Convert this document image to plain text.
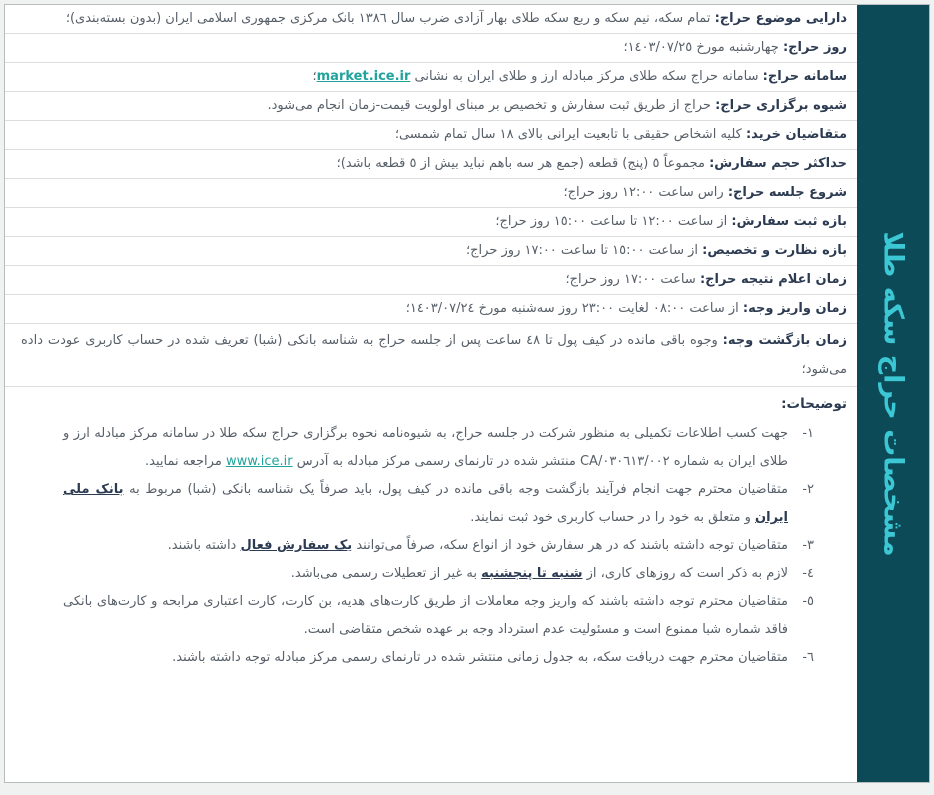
مشخصات حراج سکه طلا
دارایی موضوع حراج: تمام سکه، نیم سکه و ربع سکه طلای بهار آزادی ضرب سال ١٣٨٦ بانک مرکزی جمهوری اسلامی ایران (بدون بسته‌بندی)؛
روز حراج: چهارشنبه مورخ ١٤٠٣/٠٧/٢٥؛
سامانه حراج: سامانه حراج سکه طلای مرکز مبادله ارز و طلای ایران به نشانی market.ice.ir؛
شیوه برگزاری حراج: حراج از طریق ثبت سفارش و تخصیص بر مبنای اولویت قیمت-زمان انجام می‌شود.
متقاضیان خرید: کلیه اشخاص حقیقی با تابعیت ایرانی بالای ١٨ سال تمام شمسی؛
حداکثر حجم سفارش: مجموعاً ٥ (پنج) قطعه (جمع هر سه باهم نباید بیش از ٥ قطعه باشد)؛
شروع جلسه حراج: راس ساعت ١٢:٠٠ روز حراج؛
بازه ثبت سفارش: از ساعت ١٢:٠٠ تا ساعت ١٥:٠٠ روز حراج؛
بازه نظارت و تخصیص: از ساعت ١٥:٠٠ تا ساعت ١٧:٠٠ روز حراج؛
زمان اعلام نتیجه حراج: ساعت ١٧:٠٠ روز حراج؛
زمان واریز وجه: از ساعت ٠٨:٠٠ لغایت ٢٣:٠٠ روز سه‌شنبه مورخ ١٤٠٣/٠٧/٢٤؛
زمان بازگشت وجه: وجوه باقی مانده در کیف پول تا ٤٨ ساعت پس از جلسه حراج به شناسه بانکی (شبا) تعریف شده در حساب کاربری عودت داده می‌شود؛
توضیحات:
١-
جهت کسب اطلاعات تکمیلی به منظور شرکت در جلسه حراج، به شیوه‌نامه نحوه برگزاری حراج سکه طلا در سامانه مرکز مبادله ارز و طلای ایران به شماره CA/٠٣٠٦١٣/٠٠٢ منتشر شده در تارنمای رسمی مرکز مبادله به آدرس www.ice.ir مراجعه نمایید.
٢-
متقاضیان محترم جهت انجام فرآیند بازگشت وجه باقی مانده در کیف پول، باید صرفاً یک شناسه بانکی (شبا) مربوط به بانک ملی ایران و متعلق به خود را در حساب کاربری خود ثبت نمایند.
٣-
متقاضیان توجه داشته باشند که در هر سفارش خود از انواع سکه، صرفاً می‌توانند یک سفارش فعال داشته باشند.
٤-
لازم به ذکر است که روزهای کاری، از شنبه تا پنجشنبه به غیر از تعطیلات رسمی می‌باشد.
٥-
متقاضیان محترم توجه داشته باشند که واریز وجه معاملات از طریق کارت‌های هدیه، بن کارت، کارت اعتباری مرابحه و کارت‌های بانکی فاقد شماره شبا ممنوع است و مسئولیت عدم استرداد وجه بر عهده شخص متقاضی است.
٦-
متقاضیان محترم جهت دریافت سکه، به جدول زمانی منتشر شده در تارنمای رسمی مرکز مبادله توجه داشته باشند.
